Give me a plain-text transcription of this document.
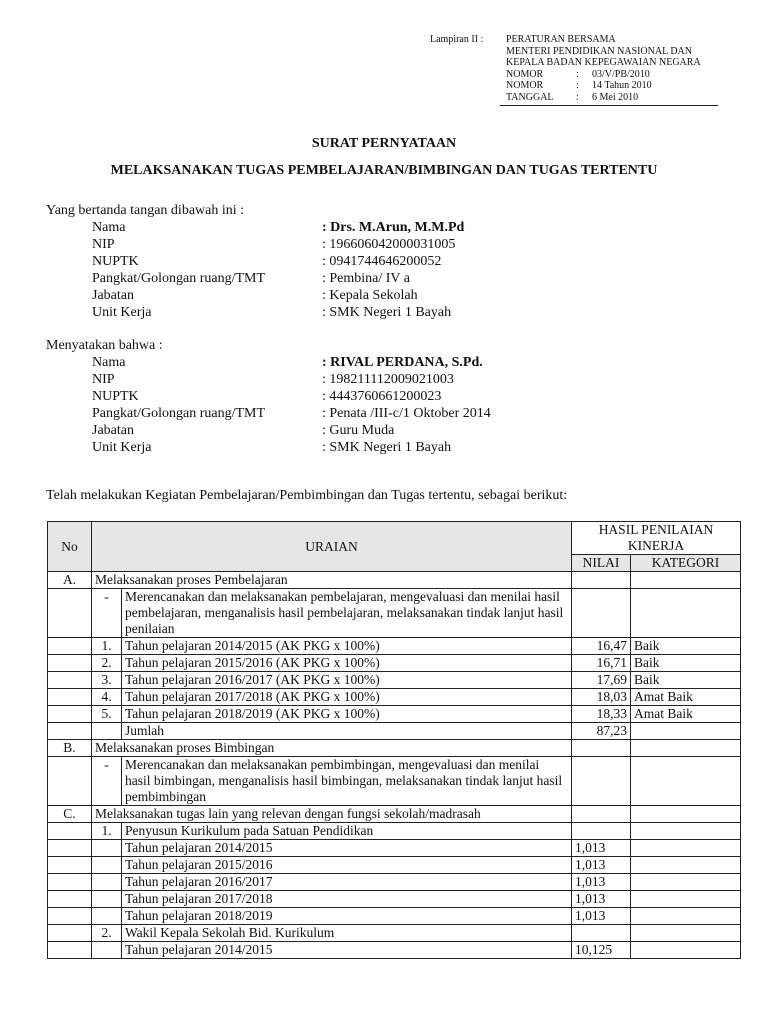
Lampiran II :	PERATURAN BERSAMA
MENTERI PENDIDIKAN NASIONAL DAN
KEPALA BADAN KEPEGAWAIAN NEGARA
NOMOR	: 03/V/PB/2010
NOMOR	: 14 Tahun 2010
TANGGAL : 6 Mei 2010
SURAT PERNYATAAN
MELAKSANAKAN TUGAS PEMBELAJARAN/BIMBINGAN DAN TUGAS TERTENTU
Yang bertanda tangan dibawah ini :
Nama	: Drs. M.Arun, M.M.Pd
NIP	: 196606042000031005
NUPTK	: 0941744646200052
Pangkat/Golongan ruang/TMT	: Pembina/ IV a
Jabatan	: Kepala Sekolah
Unit Kerja	: SMK Negeri 1 Bayah
Menyatakan bahwa :
Nama	: RIVAL PERDANA, S.Pd.
NIP	: 198211112009021003
NUPTK	: 4443760661200023
Pangkat/Golongan ruang/TMT	: Penata /III-c/1 Oktober 2014
Jabatan	: Guru Muda
Unit Kerja	: SMK Negeri 1 Bayah
Telah melakukan Kegiatan Pembelajaran/Pembimbingan dan Tugas tertentu, sebagai berikut:
No	URAIAN		HASIL PENILAIAN KINERJA	
			NILAI	KATEGORI
A.	Melaksanakan proses Pembelajaran			
	-	Merencanakan dan melaksanakan pembelajaran, mengevaluasi dan menilai hasil pembelajaran, menganalisis hasil pembelajaran, melaksanakan tindak lanjut hasil penilaian		
	1.	Tahun pelajaran 2014/2015 (AK PKG x 100%)	16,47	Baik
	2.	Tahun pelajaran 2015/2016 (AK PKG x 100%)	16,71	Baik
	3.	Tahun pelajaran 2016/2017 (AK PKG x 100%)	17,69	Baik
	4.	Tahun pelajaran 2017/2018 (AK PKG x 100%)	18,03	Amat Baik
	5.	Tahun pelajaran 2018/2019 (AK PKG x 100%)	18,33	Amat Baik
		Jumlah	87,23	
B.	Melaksanakan proses Bimbingan			
	-	Merencanakan dan melaksanakan pembimbingan, mengevaluasi dan menilai hasil bimbingan, menganalisis hasil bimbingan, melaksanakan tindak lanjut hasil pembimbingan		
C.	Melaksanakan tugas lain yang relevan dengan fungsi sekolah/madrasah			
	1.	Penyusun Kurikulum pada Satuan Pendidikan		
		Tahun pelajaran 2014/2015	1,013	
		Tahun pelajaran 2015/2016	1,013	
		Tahun pelajaran 2016/2017	1,013	
		Tahun pelajaran 2017/2018	1,013	
		Tahun pelajaran 2018/2019	1,013	
	2.	Wakil Kepala Sekolah Bid. Kurikulum		
		Tahun pelajaran 2014/2015	10,125	
